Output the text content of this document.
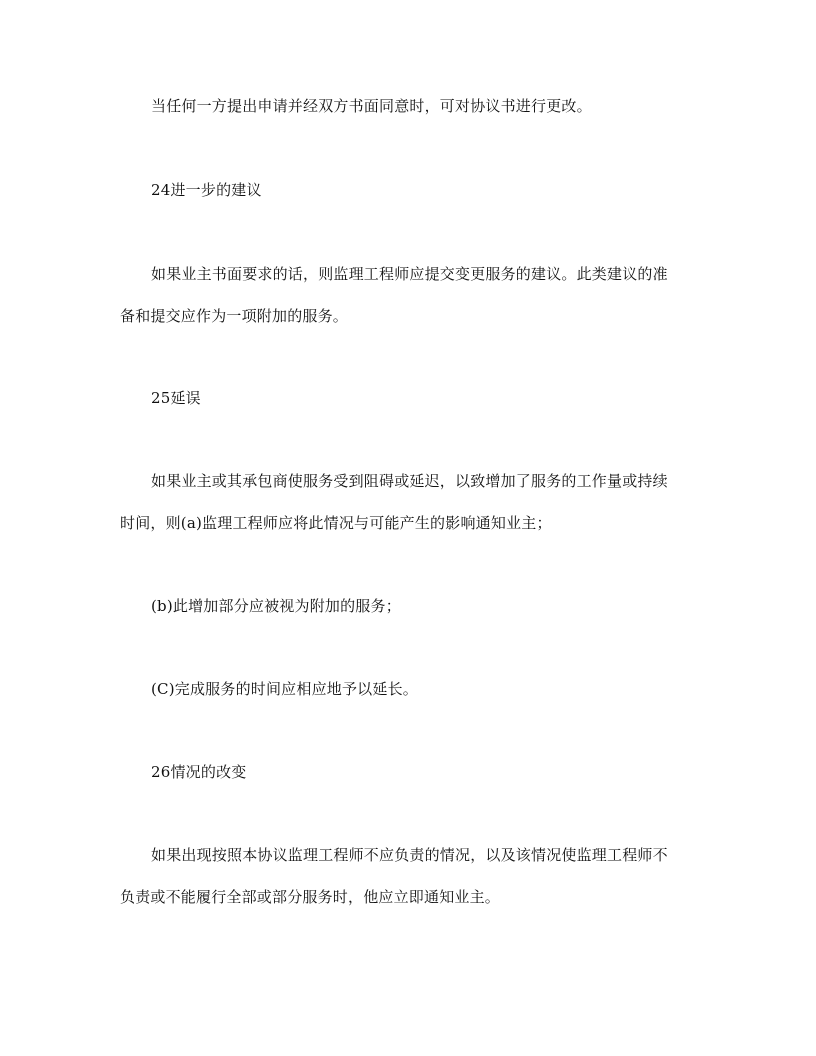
当任何一方提出申请并经双方书面同意时，可对协议书进行更改。
24进一步的建议
如果业主书面要求的话，则监理工程师应提交变更服务的建议。此类建议的准
备和提交应作为一项附加的服务。
25延误
如果业主或其承包商使服务受到阻碍或延迟，以致增加了服务的工作量或持续
时间，则(a)监理工程师应将此情况与可能产生的影响通知业主；
(b)此增加部分应被视为附加的服务；
(C)完成服务的时间应相应地予以延长。
26情况的改变
如果出现按照本协议监理工程师不应负责的情况，以及该情况使监理工程师不
负责或不能履行全部或部分服务时，他应立即通知业主。
